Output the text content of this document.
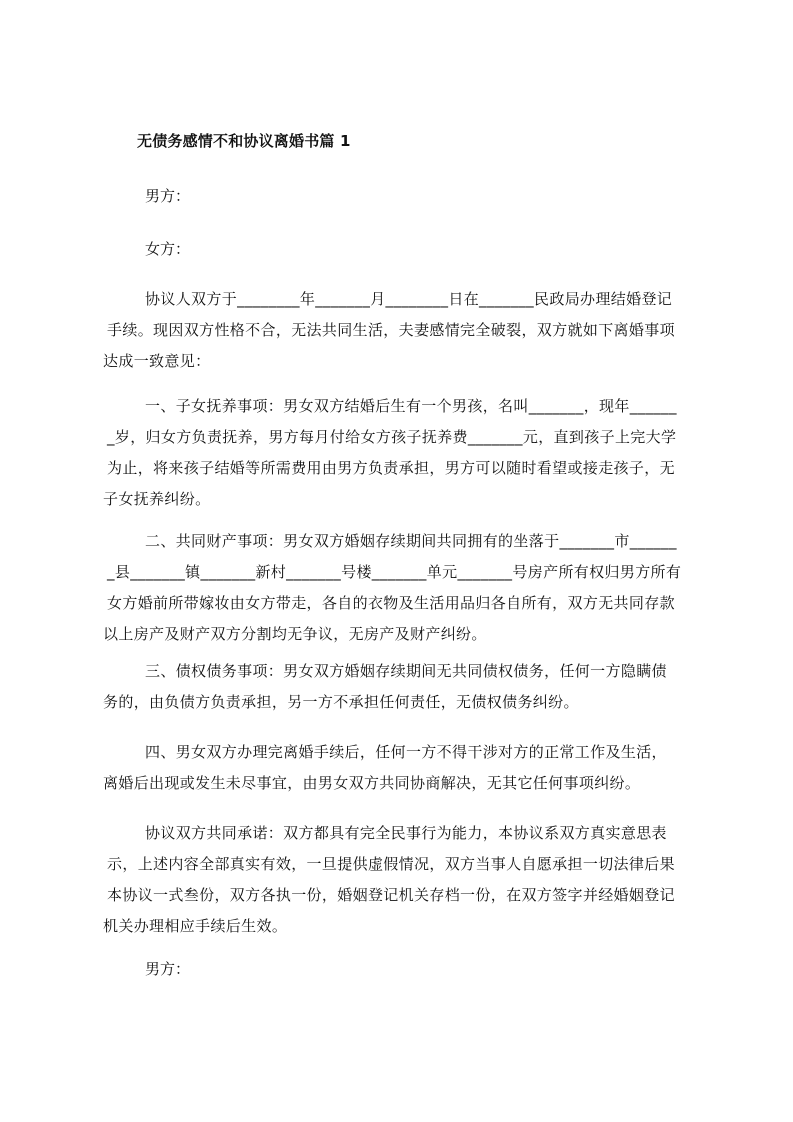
无债务感情不和协议离婚书篇 1
男方：
女方：
协议人双方于________年_______月________日在_______民政局办理结婚登记
手续。现因双方性格不合，无法共同生活，夫妻感情完全破裂，双方就如下离婚事项
达成一致意见：
一、子女抚养事项：男女双方结婚后生有一个男孩，名叫_______，现年______
_岁，归女方负责抚养，男方每月付给女方孩子抚养费_______元，直到孩子上完大学
为止，将来孩子结婚等所需费用由男方负责承担，男方可以随时看望或接走孩子，无
子女抚养纠纷。
二、共同财产事项：男女双方婚姻存续期间共同拥有的坐落于_______市______
_县_______镇_______新村_______号楼_______单元_______号房产所有权归男方所有
女方婚前所带嫁妆由女方带走，各自的衣物及生活用品归各自所有，双方无共同存款
以上房产及财产双方分割均无争议，无房产及财产纠纷。
三、债权债务事项：男女双方婚姻存续期间无共同债权债务，任何一方隐瞒债
务的，由负债方负责承担，另一方不承担任何责任，无债权债务纠纷。
四、男女双方办理完离婚手续后，任何一方不得干涉对方的正常工作及生活，
离婚后出现或发生未尽事宜，由男女双方共同协商解决，无其它任何事项纠纷。
协议双方共同承诺：双方都具有完全民事行为能力，本协议系双方真实意思表
示，上述内容全部真实有效，一旦提供虚假情况，双方当事人自愿承担一切法律后果
本协议一式叁份，双方各执一份，婚姻登记机关存档一份，在双方签字并经婚姻登记
机关办理相应手续后生效。
男方：
